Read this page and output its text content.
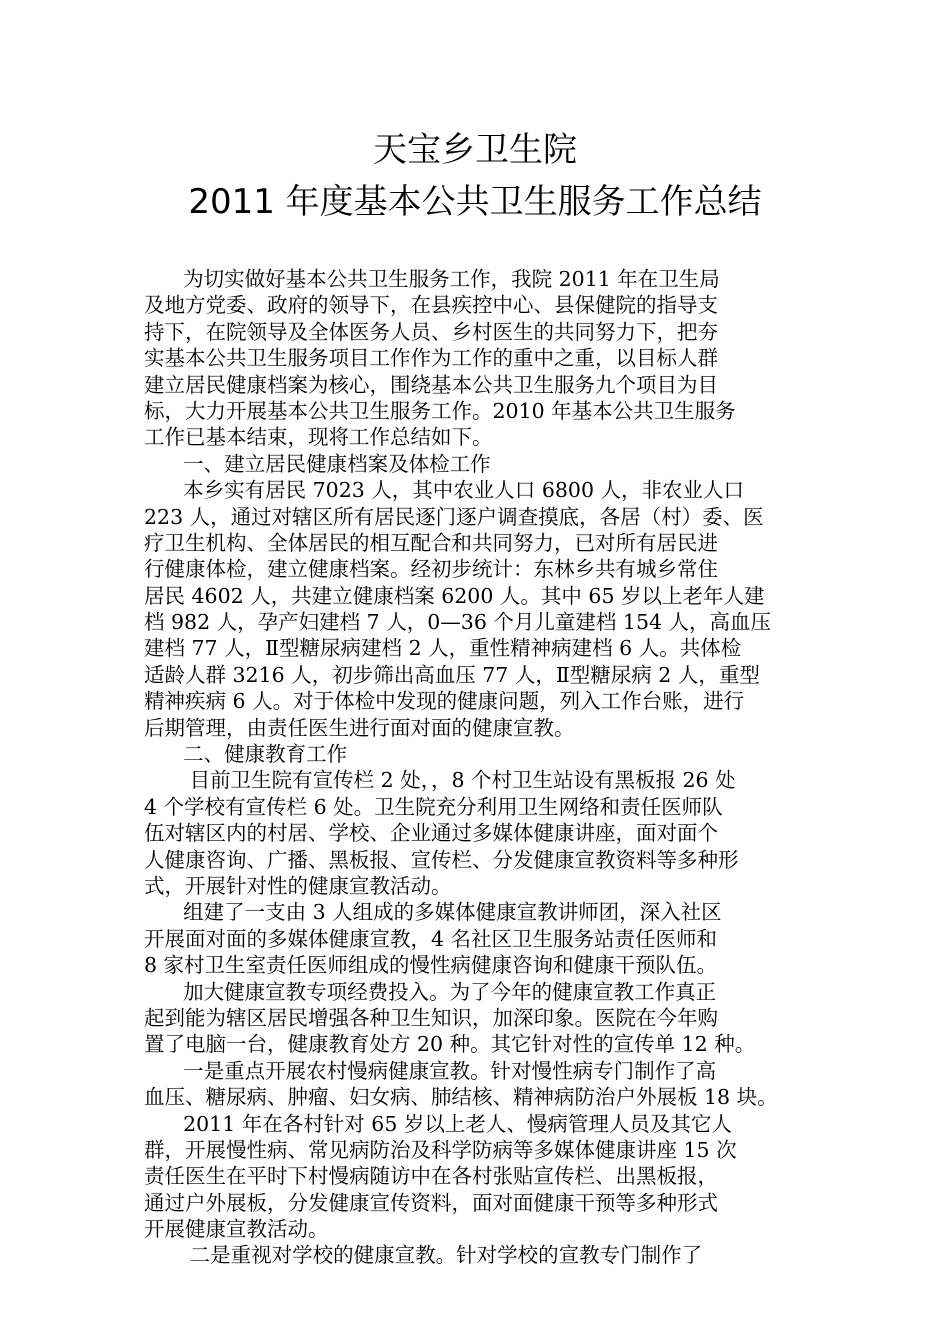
天宝乡卫生院
2011 年度基本公共卫生服务工作总结
为切实做好基本公共卫生服务工作，我院 2011 年在卫生局
及地方党委、政府的领导下，在县疾控中心、县保健院的指导支
持下，在院领导及全体医务人员、乡村医生的共同努力下，把夯
实基本公共卫生服务项目工作作为工作的重中之重，以目标人群
建立居民健康档案为核心，围绕基本公共卫生服务九个项目为目
标，大力开展基本公共卫生服务工作。2010 年基本公共卫生服务
工作已基本结束，现将工作总结如下。
一、建立居民健康档案及体检工作
本乡实有居民 7023 人，其中农业人口 6800 人，非农业人口
223 人，通过对辖区所有居民逐门逐户调查摸底，各居（村）委、医
疗卫生机构、全体居民的相互配合和共同努力，已对所有居民进
行健康体检，建立健康档案。经初步统计：东林乡共有城乡常住
居民 4602 人，共建立健康档案 6200 人。其中 65 岁以上老年人建
档 982 人，孕产妇建档 7 人，0—36 个月儿童建档 154 人，高血压
建档 77 人，Ⅱ型糖尿病建档 2 人，重性精神病建档 6 人。共体检
适龄人群 3216 人，初步筛出高血压 77 人，Ⅱ型糖尿病 2 人，重型
精神疾病 6 人。对于体检中发现的健康问题，列入工作台账，进行
后期管理，由责任医生进行面对面的健康宣教。
二、健康教育工作
目前卫生院有宣传栏 2 处，，8 个村卫生站设有黑板报 26 处
4 个学校有宣传栏 6 处。卫生院充分利用卫生网络和责任医师队
伍对辖区内的村居、学校、企业通过多媒体健康讲座，面对面个
人健康咨询、广播、黑板报、宣传栏、分发健康宣教资料等多种形
式，开展针对性的健康宣教活动。
组建了一支由 3 人组成的多媒体健康宣教讲师团，深入社区
开展面对面的多媒体健康宣教，4 名社区卫生服务站责任医师和
8 家村卫生室责任医师组成的慢性病健康咨询和健康干预队伍。
加大健康宣教专项经费投入。为了今年的健康宣教工作真正
起到能为辖区居民增强各种卫生知识，加深印象。医院在今年购
置了电脑一台，健康教育处方 20 种。其它针对性的宣传单 12 种。
一是重点开展农村慢病健康宣教。针对慢性病专门制作了高
血压、糖尿病、肿瘤、妇女病、肺结核、精神病防治户外展板 18 块。
2011 年在各村针对 65 岁以上老人、慢病管理人员及其它人
群，开展慢性病、常见病防治及科学防病等多媒体健康讲座 15 次
责任医生在平时下村慢病随访中在各村张贴宣传栏、出黑板报，
通过户外展板，分发健康宣传资料，面对面健康干预等多种形式
开展健康宣教活动。
二是重视对学校的健康宣教。针对学校的宣教专门制作了
